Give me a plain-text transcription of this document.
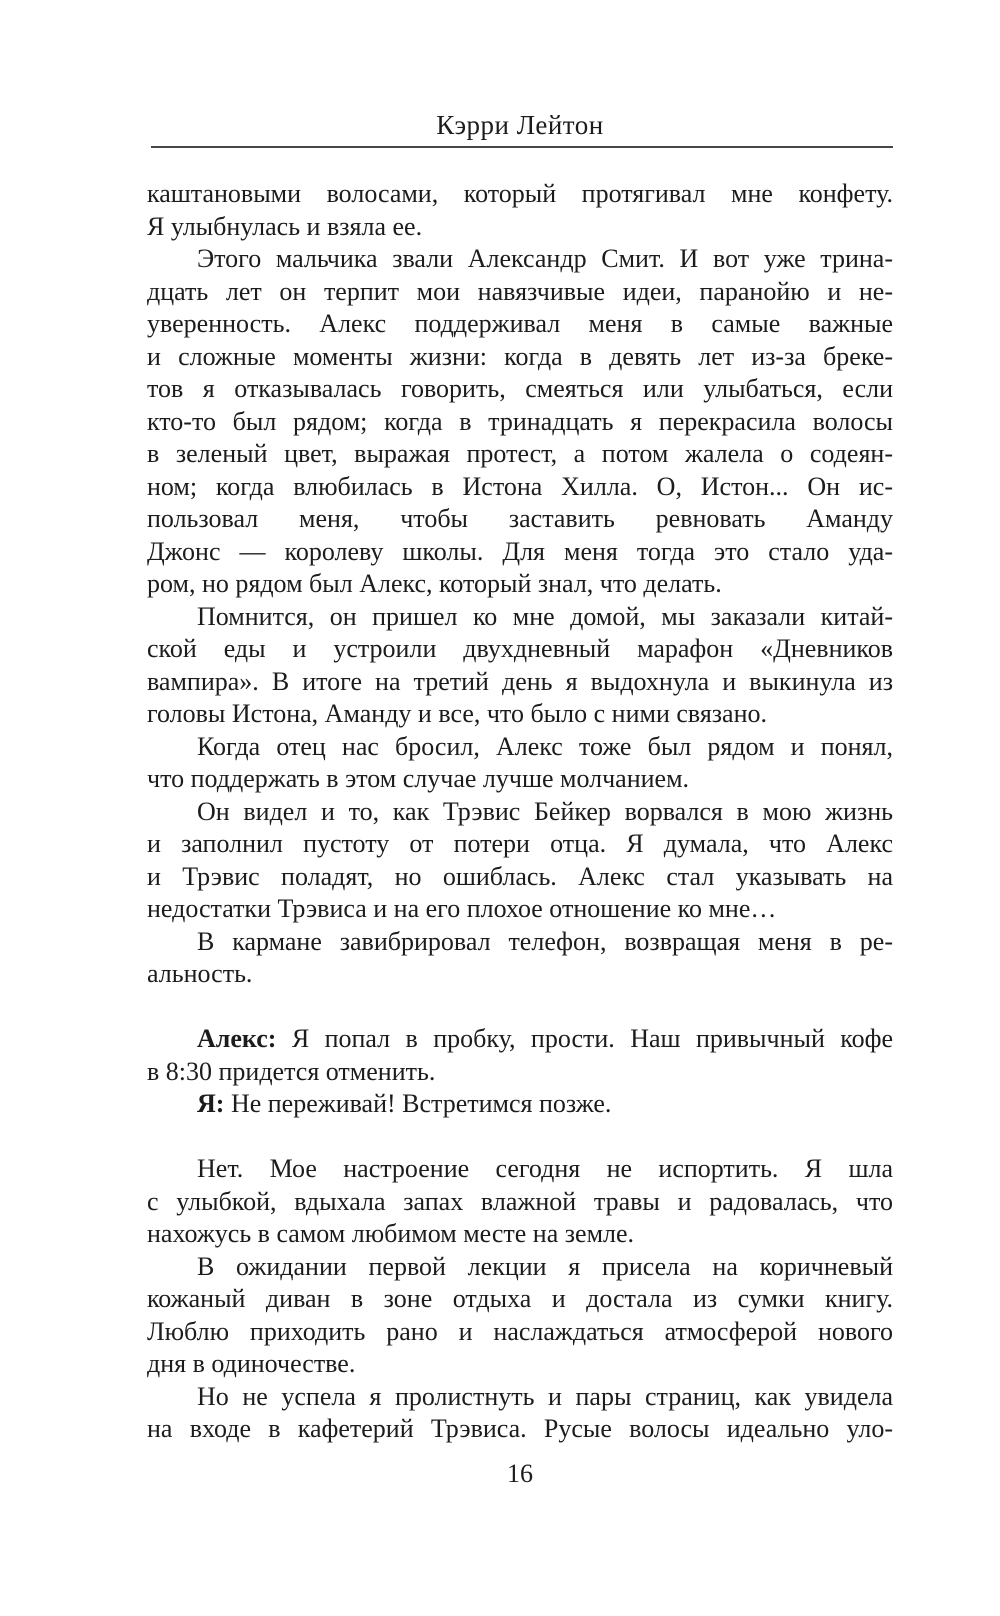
Кэрри Лейтон
каштановыми волосами, который протягивал мне конфету.
Я улыбнулась и взяла ее.
Этого мальчика звали Александр Смит. И вот уже трина-
дцать лет он терпит мои навязчивые идеи, паранойю и не-
уверенность. Алекс поддерживал меня в самые важные
и сложные моменты жизни: когда в девять лет из-за бреке-
тов я отказывалась говорить, смеяться или улыбаться, если
кто-то был рядом; когда в тринадцать я перекрасила волосы
в зеленый цвет, выражая протест, а потом жалела о содеян-
ном; когда влюбилась в Истона Хилла. О, Истон... Он ис-
пользовал меня, чтобы заставить ревновать Аманду
Джонс — королеву школы. Для меня тогда это стало уда-
ром, но рядом был Алекс, который знал, что делать.
Помнится, он пришел ко мне домой, мы заказали китай-
ской еды и устроили двухдневный марафон «Дневников
вампира». В итоге на третий день я выдохнула и выкинула из
головы Истона, Аманду и все, что было с ними связано.
Когда отец нас бросил, Алекс тоже был рядом и понял,
что поддержать в этом случае лучше молчанием.
Он видел и то, как Трэвис Бейкер ворвался в мою жизнь
и заполнил пустоту от потери отца. Я думала, что Алекс
и Трэвис поладят, но ошиблась. Алекс стал указывать на
недостатки Трэвиса и на его плохое отношение ко мне…
В кармане завибрировал телефон, возвращая меня в ре-
альность.
Алекс: Я попал в пробку, прости. Наш привычный кофе
в 8:30 придется отменить.
Я: Не переживай! Встретимся позже.
Нет. Мое настроение сегодня не испортить. Я шла
с улыбкой, вдыхала запах влажной травы и радовалась, что
нахожусь в самом любимом месте на земле.
В ожидании первой лекции я присела на коричневый
кожаный диван в зоне отдыха и достала из сумки книгу.
Люблю приходить рано и наслаждаться атмосферой нового
дня в одиночестве.
Но не успела я пролистнуть и пары страниц, как увидела
на входе в кафетерий Трэвиса. Русые волосы идеально уло-
16
